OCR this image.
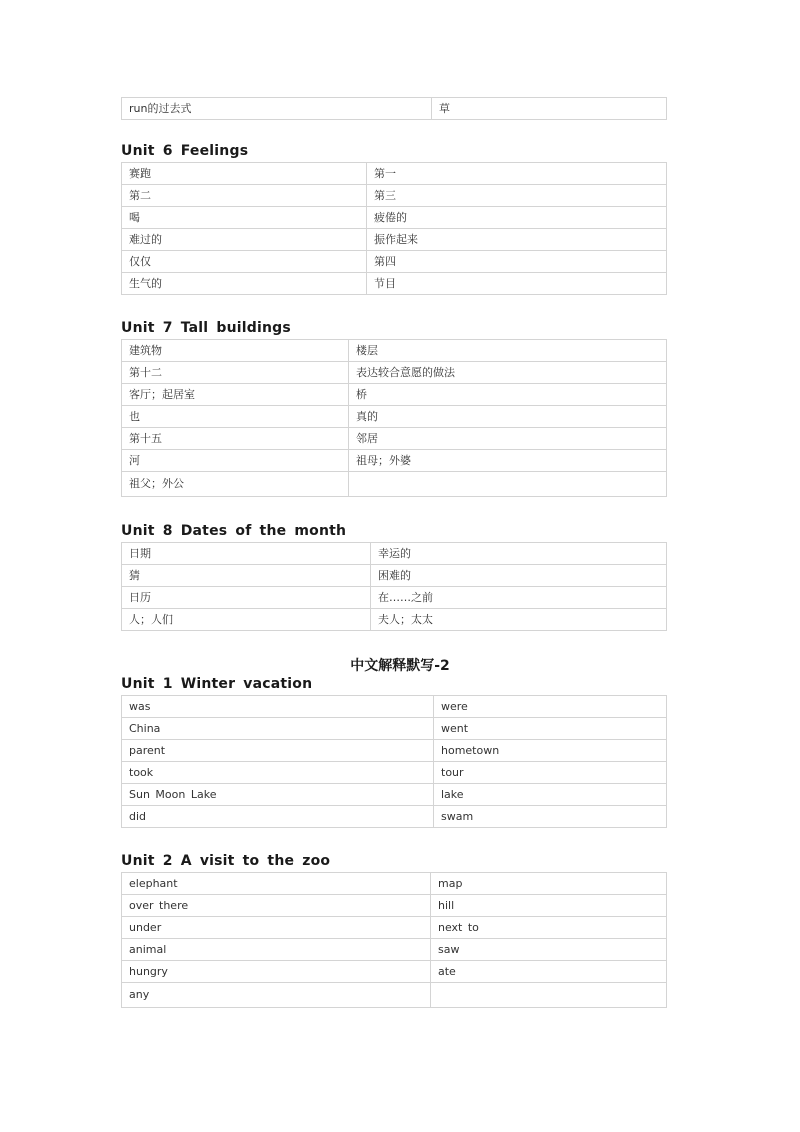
run的过去式	草
Unit 6 Feelings
赛跑	第一
第二	第三
喝	疲倦的
难过的	振作起来
仅仅	第四
生气的	节目
Unit 7 Tall buildings
建筑物	楼层
第十二	表达较合意愿的做法
客厅；起居室	桥
也	真的
第十五	邻居
河	祖母；外婆
祖父；外公	
Unit 8 Dates of the month
日期	幸运的
猜	困难的
日历	在……之前
人；人们	夫人；太太
中文解释默写-2
Unit 1 Winter vacation
was	were
China	went
parent	hometown
took	tour
Sun Moon Lake	lake
did	swam
Unit 2 A visit to the zoo
elephant	map
over there	hill
under	next to
animal	saw
hungry	ate
any	
